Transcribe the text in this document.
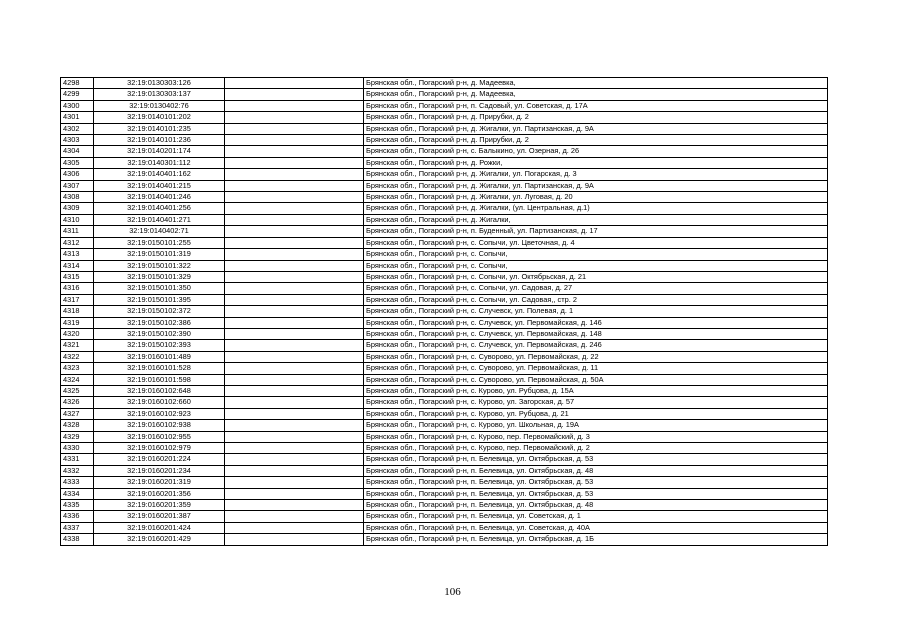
4298	32:19:0130303:126		Брянская обл., Погарский р-н, д. Мадеевка,
4299	32:19:0130303:137		Брянская обл., Погарский р-н, д. Мадеевка,
4300	32:19:0130402:76		Брянская обл., Погарский р-н, п. Садовый, ул. Советская, д. 17А
4301	32:19:0140101:202		Брянская обл., Погарский р-н, д. Прирубки, д. 2
4302	32:19:0140101:235		Брянская обл., Погарский р-н, д. Жигалки, ул. Партизанская, д. 9А
4303	32:19:0140101:236		Брянская обл., Погарский р-н, д. Прирубки, д. 2
4304	32:19:0140201:174		Брянская обл., Погарский р-н, с. Балыкино, ул. Озерная, д. 26
4305	32:19:0140301:112		Брянская обл., Погарский р-н, д. Рожки,
4306	32:19:0140401:162		Брянская обл., Погарский р-н, д. Жигалки, ул. Погарская, д. 3
4307	32:19:0140401:215		Брянская обл., Погарский р-н, д. Жигалки, ул. Партизанская, д. 9А
4308	32:19:0140401:246		Брянская обл., Погарский р-н, д. Жигалки, ул. Луговая, д. 20
4309	32:19:0140401:256		Брянская обл., Погарский р-н, д. Жигалки, (ул. Центральная, д.1)
4310	32:19:0140401:271		Брянская обл., Погарский р-н, д. Жигалки,
4311	32:19:0140402:71		Брянская обл., Погарский р-н, п. Буденный, ул. Партизанская, д. 17
4312	32:19:0150101:255		Брянская обл., Погарский р-н, с. Сопычи, ул. Цветочная, д. 4
4313	32:19:0150101:319		Брянская обл., Погарский р-н, с. Сопычи,
4314	32:19:0150101:322		Брянская обл., Погарский р-н, с. Сопычи,
4315	32:19:0150101:329		Брянская обл., Погарский р-н, с. Сопычи, ул. Октябрьская, д. 21
4316	32:19:0150101:350		Брянская обл., Погарский р-н, с. Сопычи, ул. Садовая, д. 27
4317	32:19:0150101:395		Брянская обл., Погарский р-н, с. Сопычи, ул. Садовая,, стр. 2
4318	32:19:0150102:372		Брянская обл., Погарский р-н, с. Случевск, ул. Полевая, д. 1
4319	32:19:0150102:386		Брянская обл., Погарский р-н, с. Случевск, ул. Первомайская, д. 146
4320	32:19:0150102:390		Брянская обл., Погарский р-н, с. Случевск, ул. Первомайская, д. 148
4321	32:19:0150102:393		Брянская обл., Погарский р-н, с. Случевск, ул. Первомайская, д. 246
4322	32:19:0160101:489		Брянская обл., Погарский р-н, с. Суворово, ул. Первомайская, д. 22
4323	32:19:0160101:528		Брянская обл., Погарский р-н, с. Суворово, ул. Первомайская, д. 11
4324	32:19:0160101:598		Брянская обл., Погарский р-н, с. Суворово, ул. Первомайская, д. 50А
4325	32:19:0160102:648		Брянская обл., Погарский р-н, с. Курово, ул. Рубцова, д. 15А
4326	32:19:0160102:660		Брянская обл., Погарский р-н, с. Курово, ул. Загорская, д. 57
4327	32:19:0160102:923		Брянская обл., Погарский р-н, с. Курово, ул. Рубцова, д. 21
4328	32:19:0160102:938		Брянская обл., Погарский р-н, с. Курово, ул. Школьная, д. 19А
4329	32:19:0160102:955		Брянская обл., Погарский р-н, с. Курово, пер. Первомайский, д. 3
4330	32:19:0160102:979		Брянская обл., Погарский р-н, с. Курово, пер. Первомайский, д. 2
4331	32:19:0160201:224		Брянская обл., Погарский р-н, п. Белевица, ул. Октябрьская, д. 53
4332	32:19:0160201:234		Брянская обл., Погарский р-н, п. Белевица, ул. Октябрьская, д. 48
4333	32:19:0160201:319		Брянская обл., Погарский р-н, п. Белевица, ул. Октябрьская, д. 53
4334	32:19:0160201:356		Брянская обл., Погарский р-н, п. Белевица, ул. Октябрьская, д. 53
4335	32:19:0160201:359		Брянская обл., Погарский р-н, п. Белевица, ул. Октябрьская, д. 48
4336	32:19:0160201:387		Брянская обл., Погарский р-н, п. Белевица, ул. Советская, д. 1
4337	32:19:0160201:424		Брянская обл., Погарский р-н, п. Белевица, ул. Советская, д. 40А
4338	32:19:0160201:429		Брянская обл., Погарский р-н, п. Белевица, ул. Октябрьская, д. 1Б
106
